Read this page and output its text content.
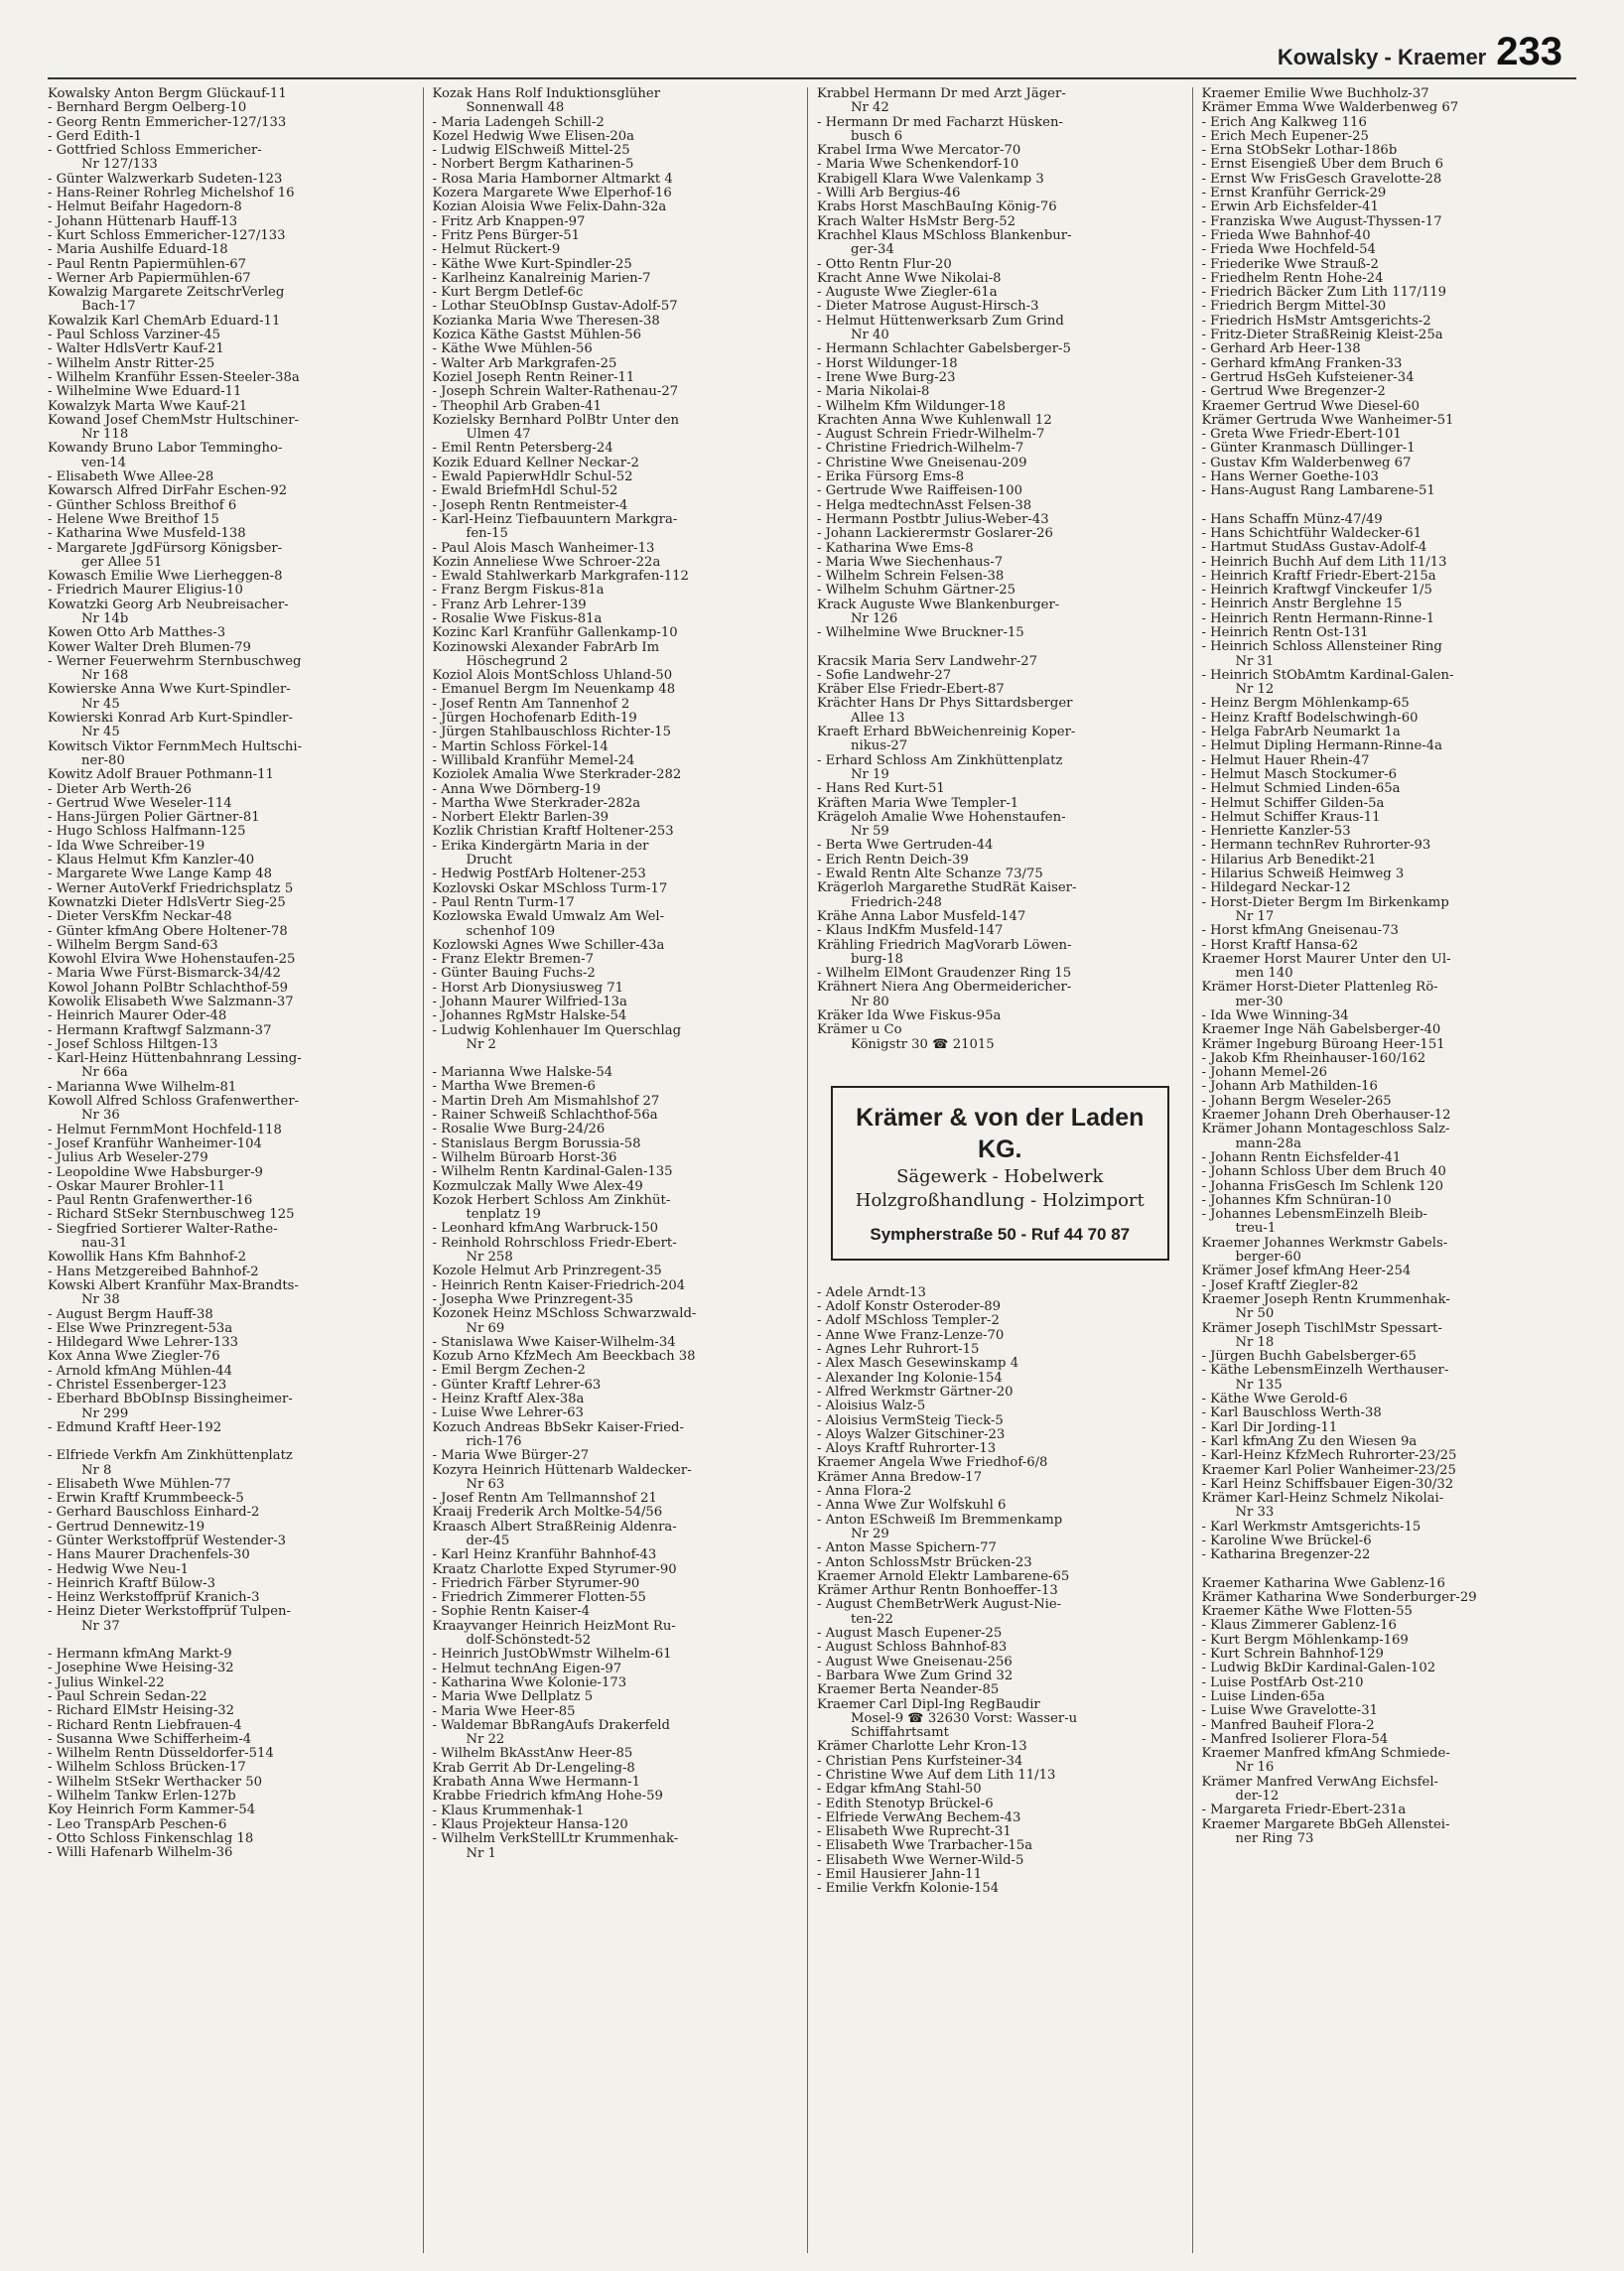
Kowalsky - Kraemer 233
Kowalsky Anton Bergm Glückauf-11
- Bernhard Bergm Oelberg-10
- Georg Rentn Emmericher-127/133
- Gerd Edith-1
- Gottfried Schloss Emmericher-
Nr 127/133
- Günter Walzwerkarb Sudeten-123
- Hans-Reiner Rohrleg Michelshof 16
- Helmut Beifahr Hagedorn-8
- Johann Hüttenarb Hauff-13
- Kurt Schloss Emmericher-127/133
- Maria Aushilfe Eduard-18
- Paul Rentn Papiermühlen-67
- Werner Arb Papiermühlen-67
Kowalzig Margarete ZeitschrVerleg
Bach-17
Kowalzik Karl ChemArb Eduard-11
- Paul Schloss Varziner-45
- Walter HdlsVertr Kauf-21
- Wilhelm Anstr Ritter-25
- Wilhelm Kranführ Essen-Steeler-38a
- Wilhelmine Wwe Eduard-11
Kowalzyk Marta Wwe Kauf-21
Kowand Josef ChemMstr Hultschiner-
Nr 118
Kowandy Bruno Labor Temmingho-
ven-14
- Elisabeth Wwe Allee-28
Kowarsch Alfred DirFahr Eschen-92
- Günther Schloss Breithof 6
- Helene Wwe Breithof 15
- Katharina Wwe Musfeld-138
- Margarete JgdFürsorg Königsber-
ger Allee 51
Kowasch Emilie Wwe Lierheggen-8
- Friedrich Maurer Eligius-10
Kowatzki Georg Arb Neubreisacher-
Nr 14b
Kowen Otto Arb Matthes-3
Kower Walter Dreh Blumen-79
- Werner Feuerwehrm Sternbuschweg
Nr 168
Kowierske Anna Wwe Kurt-Spindler-
Nr 45
Kowierski Konrad Arb Kurt-Spindler-
Nr 45
Kowitsch Viktor FernmMech Hultschi-
ner-80
Kowitz Adolf Brauer Pothmann-11
- Dieter Arb Werth-26
- Gertrud Wwe Weseler-114
- Hans-Jürgen Polier Gärtner-81
- Hugo Schloss Halfmann-125
- Ida Wwe Schreiber-19
- Klaus Helmut Kfm Kanzler-40
- Margarete Wwe Lange Kamp 48
- Werner AutoVerkf Friedrichsplatz 5
Kownatzki Dieter HdlsVertr Sieg-25
- Dieter VersKfm Neckar-48
- Günter kfmAng Obere Holtener-78
- Wilhelm Bergm Sand-63
Kowohl Elvira Wwe Hohenstaufen-25
- Maria Wwe Fürst-Bismarck-34/42
Kowol Johann PolBtr Schlachthof-59
Kowolik Elisabeth Wwe Salzmann-37
- Heinrich Maurer Oder-48
- Hermann Kraftwgf Salzmann-37
- Josef Schloss Hiltgen-13
- Karl-Heinz Hüttenbahnrang Lessing-
Nr 66a
- Marianna Wwe Wilhelm-81
Kowoll Alfred Schloss Grafenwerther-
Nr 36
- Helmut FernmMont Hochfeld-118
- Josef Kranführ Wanheimer-104
- Julius Arb Weseler-279
- Leopoldine Wwe Habsburger-9
- Oskar Maurer Brohler-11
- Paul Rentn Grafenwerther-16
- Richard StSekr Sternbuschweg 125
- Siegfried Sortierer Walter-Rathe-
nau-31
Kowollik Hans Kfm Bahnhof-2
- Hans Metzgereibed Bahnhof-2
Kowski Albert Kranführ Max-Brandts-
Nr 38
- August Bergm Hauff-38
- Else Wwe Prinzregent-53a
- Hildegard Wwe Lehrer-133
Kox Anna Wwe Ziegler-76
- Arnold kfmAng Mühlen-44
- Christel Essenberger-123
- Eberhard BbObInsp Bissingheimer-
Nr 299
- Edmund Kraftf Heer-192
- Elfriede Verkfn Am Zinkhüttenplatz
Nr 8
- Elisabeth Wwe Mühlen-77
- Erwin Kraftf Krummbeeck-5
- Gerhard Bauschloss Einhard-2
- Gertrud Dennewitz-19
- Günter Werkstoffprüf Westender-3
- Hans Maurer Drachenfels-30
- Hedwig Wwe Neu-1
- Heinrich Kraftf Bülow-3
- Heinz Werkstoffprüf Kranich-3
- Heinz Dieter Werkstoffprüf Tulpen-
Nr 37
- Hermann kfmAng Markt-9
- Josephine Wwe Heising-32
- Julius Winkel-22
- Paul Schrein Sedan-22
- Richard ElMstr Heising-32
- Richard Rentn Liebfrauen-4
- Susanna Wwe Schifferheim-4
- Wilhelm Rentn Düsseldorfer-514
- Wilhelm Schloss Brücken-17
- Wilhelm StSekr Werthacker 50
- Wilhelm Tankw Erlen-127b
Koy Heinrich Form Kammer-54
- Leo TranspArb Peschen-6
- Otto Schloss Finkenschlag 18
- Willi Hafenarb Wilhelm-36
Kozak Hans Rolf Induktionsglüher
Sonnenwall 48
- Maria Ladengeh Schill-2
Kozel Hedwig Wwe Elisen-20a
- Ludwig ElSchweiß Mittel-25
- Norbert Bergm Katharinen-5
- Rosa Maria Hamborner Altmarkt 4
Kozera Margarete Wwe Elperhof-16
Kozian Aloisia Wwe Felix-Dahn-32a
- Fritz Arb Knappen-97
- Fritz Pens Bürger-51
- Helmut Rückert-9
- Käthe Wwe Kurt-Spindler-25
- Karlheinz Kanalreinig Marien-7
- Kurt Bergm Detlef-6c
- Lothar SteuObInsp Gustav-Adolf-57
Kozianka Maria Wwe Theresen-38
Kozica Käthe Gastst Mühlen-56
- Käthe Wwe Mühlen-56
- Walter Arb Markgrafen-25
Koziel Joseph Rentn Reiner-11
- Joseph Schrein Walter-Rathenau-27
- Theophil Arb Graben-41
Kozielsky Bernhard PolBtr Unter den
Ulmen 47
- Emil Rentn Petersberg-24
Kozik Eduard Kellner Neckar-2
- Ewald PapierwHdlr Schul-52
- Ewald BriefmHdl Schul-52
- Joseph Rentn Rentmeister-4
- Karl-Heinz Tiefbauuntern Markgra-
fen-15
- Paul Alois Masch Wanheimer-13
Kozin Anneliese Wwe Schroer-22a
- Ewald Stahlwerkarb Markgrafen-112
- Franz Bergm Fiskus-81a
- Franz Arb Lehrer-139
- Rosalie Wwe Fiskus-81a
Kozinc Karl Kranführ Gallenkamp-10
Kozinowski Alexander FabrArb Im
Höschegrund 2
Koziol Alois MontSchloss Uhland-50
- Emanuel Bergm Im Neuenkamp 48
- Josef Rentn Am Tannenhof 2
- Jürgen Hochofenarb Edith-19
- Jürgen Stahlbauschloss Richter-15
- Martin Schloss Förkel-14
- Willibald Kranführ Memel-24
Koziolek Amalia Wwe Sterkrader-282
- Anna Wwe Dörnberg-19
- Martha Wwe Sterkrader-282a
- Norbert Elektr Barlen-39
Kozlik Christian Kraftf Holtener-253
- Erika Kindergärtn Maria in der
Drucht
- Hedwig PostfArb Holtener-253
Kozlovski Oskar MSchloss Turm-17
- Paul Rentn Turm-17
Kozlowska Ewald Umwalz Am Wel-
schenhof 109
Kozlowski Agnes Wwe Schiller-43a
- Franz Elektr Bremen-7
- Günter Bauing Fuchs-2
- Horst Arb Dionysiusweg 71
- Johann Maurer Wilfried-13a
- Johannes RgMstr Halske-54
- Ludwig Kohlenhauer Im Querschlag
Nr 2
- Marianna Wwe Halske-54
- Martha Wwe Bremen-6
- Martin Dreh Am Mismahlshof 27
- Rainer Schweiß Schlachthof-56a
- Rosalie Wwe Burg-24/26
- Stanislaus Bergm Borussia-58
- Wilhelm Büroarb Horst-36
- Wilhelm Rentn Kardinal-Galen-135
Kozmulczak Mally Wwe Alex-49
Kozok Herbert Schloss Am Zinkhüt-
tenplatz 19
- Leonhard kfmAng Warbruck-150
- Reinhold Rohrschloss Friedr-Ebert-
Nr 258
Kozole Helmut Arb Prinzregent-35
- Heinrich Rentn Kaiser-Friedrich-204
- Josepha Wwe Prinzregent-35
Kozonek Heinz MSchloss Schwarzwald-
Nr 69
- Stanislawa Wwe Kaiser-Wilhelm-34
Kozub Arno KfzMech Am Beeckbach 38
- Emil Bergm Zechen-2
- Günter Kraftf Lehrer-63
- Heinz Kraftf Alex-38a
- Luise Wwe Lehrer-63
Kozuch Andreas BbSekr Kaiser-Fried-
rich-176
- Maria Wwe Bürger-27
Kozyra Heinrich Hüttenarb Waldecker-
Nr 63
- Josef Rentn Am Tellmannshof 21
Kraaij Frederik Arch Moltke-54/56
Kraasch Albert StraßReinig Aldenra-
der-45
- Karl Heinz Kranführ Bahnhof-43
Kraatz Charlotte Exped Styrumer-90
- Friedrich Färber Styrumer-90
- Friedrich Zimmerer Flotten-55
- Sophie Rentn Kaiser-4
Kraayvanger Heinrich HeizMont Ru-
dolf-Schönstedt-52
- Heinrich JustObWmstr Wilhelm-61
- Helmut technAng Eigen-97
- Katharina Wwe Kolonie-173
- Maria Wwe Dellplatz 5
- Maria Wwe Heer-85
- Waldemar BbRangAufs Drakerfeld
Nr 22
- Wilhelm BkAsstAnw Heer-85
Krab Gerrit Ab Dr-Lengeling-8
Krabath Anna Wwe Hermann-1
Krabbe Friedrich kfmAng Hohe-59
- Klaus Krummenhak-1
- Klaus Projekteur Hansa-120
- Wilhelm VerkStellLtr Krummenhak-
Nr 1
Krabbel Hermann Dr med Arzt Jäger-
Nr 42
- Hermann Dr med Facharzt Hüsken-
busch 6
Krabel Irma Wwe Mercator-70
- Maria Wwe Schenkendorf-10
Krabigell Klara Wwe Valenkamp 3
- Willi Arb Bergius-46
Krabs Horst MaschBauIng König-76
Krach Walter HsMstr Berg-52
Krachhel Klaus MSchloss Blankenbur-
ger-34
- Otto Rentn Flur-20
Kracht Änne Wwe Nikolai-8
- Auguste Wwe Ziegler-61a
- Dieter Matrose August-Hirsch-3
- Helmut Hüttenwerksarb Zum Grind
Nr 40
- Hermann Schlachter Gabelsberger-5
- Horst Wildunger-18
- Irene Wwe Burg-23
- Maria Nikolai-8
- Wilhelm Kfm Wildunger-18
Krachten Anna Wwe Kuhlenwall 12
- August Schrein Friedr-Wilhelm-7
- Christine Friedrich-Wilhelm-7
- Christine Wwe Gneisenau-209
- Erika Fürsorg Ems-8
- Gertrude Wwe Raiffeisen-100
- Helga medtechnAsst Felsen-38
- Hermann Postbtr Julius-Weber-43
- Johann Lackierermstr Goslarer-26
- Katharina Wwe Ems-8
- Maria Wwe Siechenhaus-7
- Wilhelm Schrein Felsen-38
- Wilhelm Schuhm Gärtner-25
Krack Auguste Wwe Blankenburger-
Nr 126
- Wilhelmine Wwe Bruckner-15
Kracsik Maria Serv Landwehr-27
- Sofie Landwehr-27
Kräber Else Friedr-Ebert-87
Krächter Hans Dr Phys Sittardsberger
Allee 13
Kraeft Erhard BbWeichenreinig Koper-
nikus-27
- Erhard Schloss Am Zinkhüttenplatz
Nr 19
- Hans Red Kurt-51
Kräften Maria Wwe Templer-1
Krägeloh Amalie Wwe Hohenstaufen-
Nr 59
- Berta Wwe Gertruden-44
- Erich Rentn Deich-39
- Ewald Rentn Alte Schanze 73/75
Krägerloh Margarethe StudRät Kaiser-
Friedrich-248
Krähe Anna Labor Musfeld-147
- Klaus IndKfm Musfeld-147
Krähling Friedrich MagVorarb Löwen-
burg-18
- Wilhelm ElMont Graudenzer Ring 15
Krähnert Niera Ang Obermeidericher-
Nr 80
Kräker Ida Wwe Fiskus-95a
Krämer u Co
Königstr 30 ☎ 21015
Krämer & von der Laden KG.
Sägewerk - Hobelwerk
Holzgroßhandlung - Holzimport
Sympherstraße 50 - Ruf 44 70 87
- Adele Arndt-13
- Adolf Konstr Osteroder-89
- Adolf MSchloss Templer-2
- Änne Wwe Franz-Lenze-70
- Agnes Lehr Ruhrort-15
- Alex Masch Gesewinskamp 4
- Alexander Ing Kolonie-154
- Alfred Werkmstr Gärtner-20
- Aloisius Walz-5
- Aloisius VermSteig Tieck-5
- Aloys Walzer Gitschiner-23
- Aloys Kraftf Ruhrorter-13
Kraemer Angela Wwe Friedhof-6/8
Krämer Anna Bredow-17
- Anna Flora-2
- Anna Wwe Zur Wolfskuhl 6
- Anton ESchweiß Im Bremmenkamp
Nr 29
- Anton Masse Spichern-77
- Anton SchlossMstr Brücken-23
Kraemer Arnold Elektr Lambarene-65
Krämer Arthur Rentn Bonhoeffer-13
- August ChemBetrWerk August-Nie-
ten-22
- August Masch Eupener-25
- August Schloss Bahnhof-83
- August Wwe Gneisenau-256
- Barbara Wwe Zum Grind 32
Kraemer Berta Neander-85
Kraemer Carl Dipl-Ing RegBaudir
Mosel-9 ☎ 32630 Vorst: Wasser-u
Schiffahrtsamt
Krämer Charlotte Lehr Kron-13
- Christian Pens Kurfsteiner-34
- Christine Wwe Auf dem Lith 11/13
- Edgar kfmAng Stahl-50
- Edith Stenotyp Brückel-6
- Elfriede VerwAng Bechem-43
- Elisabeth Wwe Ruprecht-31
- Elisabeth Wwe Trarbacher-15a
- Elisabeth Wwe Werner-Wild-5
- Emil Hausierer Jahn-11
- Emilie Verkfn Kolonie-154
Kraemer Emilie Wwe Buchholz-37
Krämer Emma Wwe Walderbenweg 67
- Erich Ang Kalkweg 116
- Erich Mech Eupener-25
- Erna StObSekr Lothar-186b
- Ernst Eisengieß Über dem Bruch 6
- Ernst Ww FrisGesch Gravelotte-28
- Ernst Kranführ Gerrick-29
- Erwin Arb Eichsfelder-41
- Franziska Wwe August-Thyssen-17
- Frieda Wwe Bahnhof-40
- Frieda Wwe Hochfeld-54
- Friederike Wwe Strauß-2
- Friedhelm Rentn Hohe-24
- Friedrich Bäcker Zum Lith 117/119
- Friedrich Bergm Mittel-30
- Friedrich HsMstr Amtsgerichts-2
- Fritz-Dieter StraßReinig Kleist-25a
- Gerhard Arb Heer-138
- Gerhard kfmAng Franken-33
- Gertrud HsGeh Kufsteiener-34
- Gertrud Wwe Bregenzer-2
Kraemer Gertrud Wwe Diesel-60
Krämer Gertruda Wwe Wanheimer-51
- Greta Wwe Friedr-Ebert-101
- Günter Kranmasch Düllinger-1
- Gustav Kfm Walderbenweg 67
- Hans Werner Goethe-103
- Hans-August Rang Lambarene-51
- Hans Schaffn Münz-47/49
- Hans Schichtführ Waldecker-61
- Hartmut StudAss Gustav-Adolf-4
- Heinrich Buchh Auf dem Lith 11/13
- Heinrich Kraftf Friedr-Ebert-215a
- Heinrich Kraftwgf Vinckeufer 1/5
- Heinrich Anstr Berglehne 15
- Heinrich Rentn Hermann-Rinne-1
- Heinrich Rentn Ost-131
- Heinrich Schloss Allensteiner Ring
Nr 31
- Heinrich StObAmtm Kardinal-Galen-
Nr 12
- Heinz Bergm Möhlenkamp-65
- Heinz Kraftf Bodelschwingh-60
- Helga FabrArb Neumarkt 1a
- Helmut Dipling Hermann-Rinne-4a
- Helmut Hauer Rhein-47
- Helmut Masch Stockumer-6
- Helmut Schmied Linden-65a
- Helmut Schiffer Gilden-5a
- Helmut Schiffer Kraus-11
- Henriette Kanzler-53
- Hermann technRev Ruhrorter-93
- Hilarius Arb Benedikt-21
- Hilarius Schweiß Heimweg 3
- Hildegard Neckar-12
- Horst-Dieter Bergm Im Birkenkamp
Nr 17
- Horst kfmAng Gneisenau-73
- Horst Kraftf Hansa-62
Kraemer Horst Maurer Unter den Ul-
men 140
Krämer Horst-Dieter Plattenleg Rö-
mer-30
- Ida Wwe Winning-34
Kraemer Inge Näh Gabelsberger-40
Krämer Ingeburg Büroang Heer-151
- Jakob Kfm Rheinhauser-160/162
- Johann Memel-26
- Johann Arb Mathilden-16
- Johann Bergm Weseler-265
Kraemer Johann Dreh Oberhauser-12
Krämer Johann Montageschloss Salz-
mann-28a
- Johann Rentn Eichsfelder-41
- Johann Schloss Über dem Bruch 40
- Johanna FrisGesch Im Schlenk 120
- Johannes Kfm Schnüran-10
- Johannes LebensmEinzelh Bleib-
treu-1
Kraemer Johannes Werkmstr Gabels-
berger-60
Krämer Josef kfmAng Heer-254
- Josef Kraftf Ziegler-82
Kraemer Joseph Rentn Krummenhak-
Nr 50
Krämer Joseph TischlMstr Spessart-
Nr 18
- Jürgen Buchh Gabelsberger-65
- Käthe LebensmEinzelh Werthauser-
Nr 135
- Käthe Wwe Gerold-6
- Karl Bauschloss Werth-38
- Karl Dir Jording-11
- Karl kfmAng Zu den Wiesen 9a
- Karl-Heinz KfzMech Ruhrorter-23/25
Kraemer Karl Polier Wanheimer-23/25
- Karl Heinz Schiffsbauer Eigen-30/32
Krämer Karl-Heinz Schmelz Nikolai-
Nr 33
- Karl Werkmstr Amtsgerichts-15
- Karoline Wwe Brückel-6
- Katharina Bregenzer-22
Kraemer Katharina Wwe Gablenz-16
Krämer Katharina Wwe Sonderburger-29
Kraemer Käthe Wwe Flotten-55
- Klaus Zimmerer Gablenz-16
- Kurt Bergm Möhlenkamp-169
- Kurt Schrein Bahnhof-129
- Ludwig BkDir Kardinal-Galen-102
- Luise PostfArb Ost-210
- Luise Linden-65a
- Luise Wwe Gravelotte-31
- Manfred Bauheif Flora-2
- Manfred Isolierer Flora-54
Kraemer Manfred kfmAng Schmiede-
Nr 16
Krämer Manfred VerwAng Eichsfel-
der-12
- Margareta Friedr-Ebert-231a
Kraemer Margarete BbGeh Allenstei-
ner Ring 73
